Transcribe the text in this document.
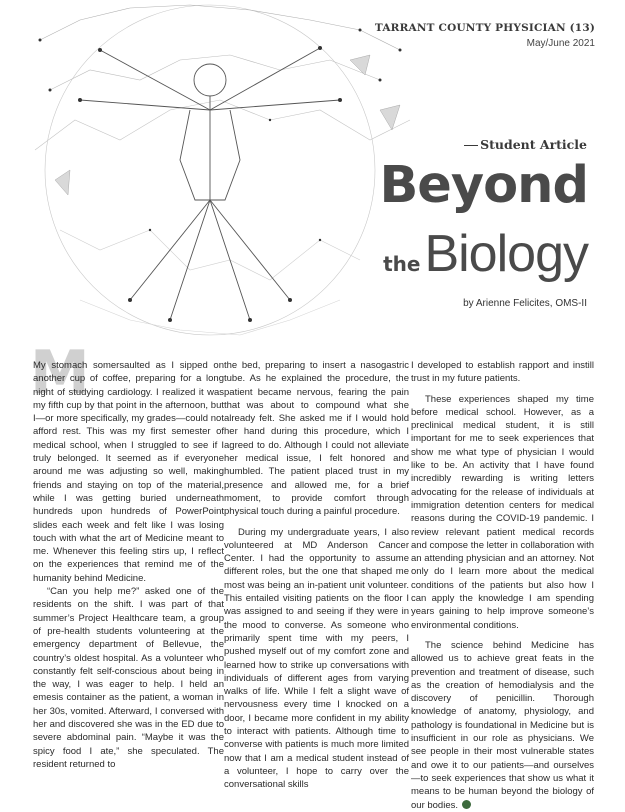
TARRANT COUNTY PHYSICIAN (13)
May/June 2021
Student Article
Beyond
theBiology
by Arienne Felicites, OMS-II
M

My stomach somersaulted as I sipped on another cup of coffee, preparing for a long night of studying cardiology. I realized it was my fifth cup by that point in the afternoon, but I—or more specifically, my grades—could not afford rest. This was my first semester of medical school, when I struggled to see if I truly belonged. It seemed as if everyone around me was adjusting so well, making friends and staying on top of the material, while I was getting buried underneath hundreds upon hundreds of PowerPoint slides each week and felt like I was losing touch with what the art of Medicine meant to me. Whenever this feeling stirs up, I reflect on the experiences that remind me of the humanity behind Medicine.

“Can you help me?” asked one of the residents on the shift. I was part of that summer’s Project Healthcare team, a group of pre-health students volunteering at the emergency department of Bellevue, the country’s oldest hospital. As a volunteer who constantly felt self-conscious about being in the way, I was eager to help. I held an emesis container as the patient, a woman in her 30s, vomited. Afterward, I conversed with her and discovered she was in the ED due to severe abdominal pain. “Maybe it was the spicy food I ate,” she speculated. The resident returned to

the bed, preparing to insert a nasogastric tube. As he explained the procedure, the patient became nervous, fearing the pain that was about to compound what she already felt. She asked me if I would hold her hand during this procedure, which I agreed to do. Although I could not alleviate her medical issue, I felt honored and humbled. The patient placed trust in my presence and allowed me, for a brief moment, to provide comfort through physical touch during a painful procedure.

During my undergraduate years, I also volunteered at MD Anderson Cancer Center. I had the opportunity to assume different roles, but the one that shaped me most was being an in-patient unit volunteer. This entailed visiting patients on the floor I was assigned to and seeing if they were in the mood to converse. As someone who primarily spent time with my peers, I pushed myself out of my comfort zone and learned how to strike up conversations with individuals of different ages from varying walks of life. While I felt a slight wave of nervousness every time I knocked on a door, I became more confident in my ability to interact with patients. Although time to converse with patients is much more limited now that I am a medical student instead of a volunteer, I hope to carry over the conversational skills

I developed to establish rapport and instill trust in my future patients.

These experiences shaped my time before medical school. However, as a preclinical medical student, it is still important for me to seek experiences that show me what type of physician I would like to be. An activity that I have found incredibly rewarding is writing letters advocating for the release of individuals at immigration detention centers for medical reasons during the COVID-19 pandemic. I review relevant patient medical records and compose the letter in collaboration with an attending physician and an attorney. Not only do I learn more about the medical conditions of the patients but also how I can apply the knowledge I am spending years gaining to help improve someone’s environmental conditions.

The science behind Medicine has allowed us to achieve great feats in the prevention and treatment of disease, such as the creation of hemodialysis and the discovery of penicillin. Thorough knowledge of anatomy, physiology, and pathology is foundational in Medicine but is insufficient in our role as physicians. We see people in their most vulnerable states and owe it to our patients—and ourselves—to seek experiences that show us what it means to be human beyond the biology of our bodies.
